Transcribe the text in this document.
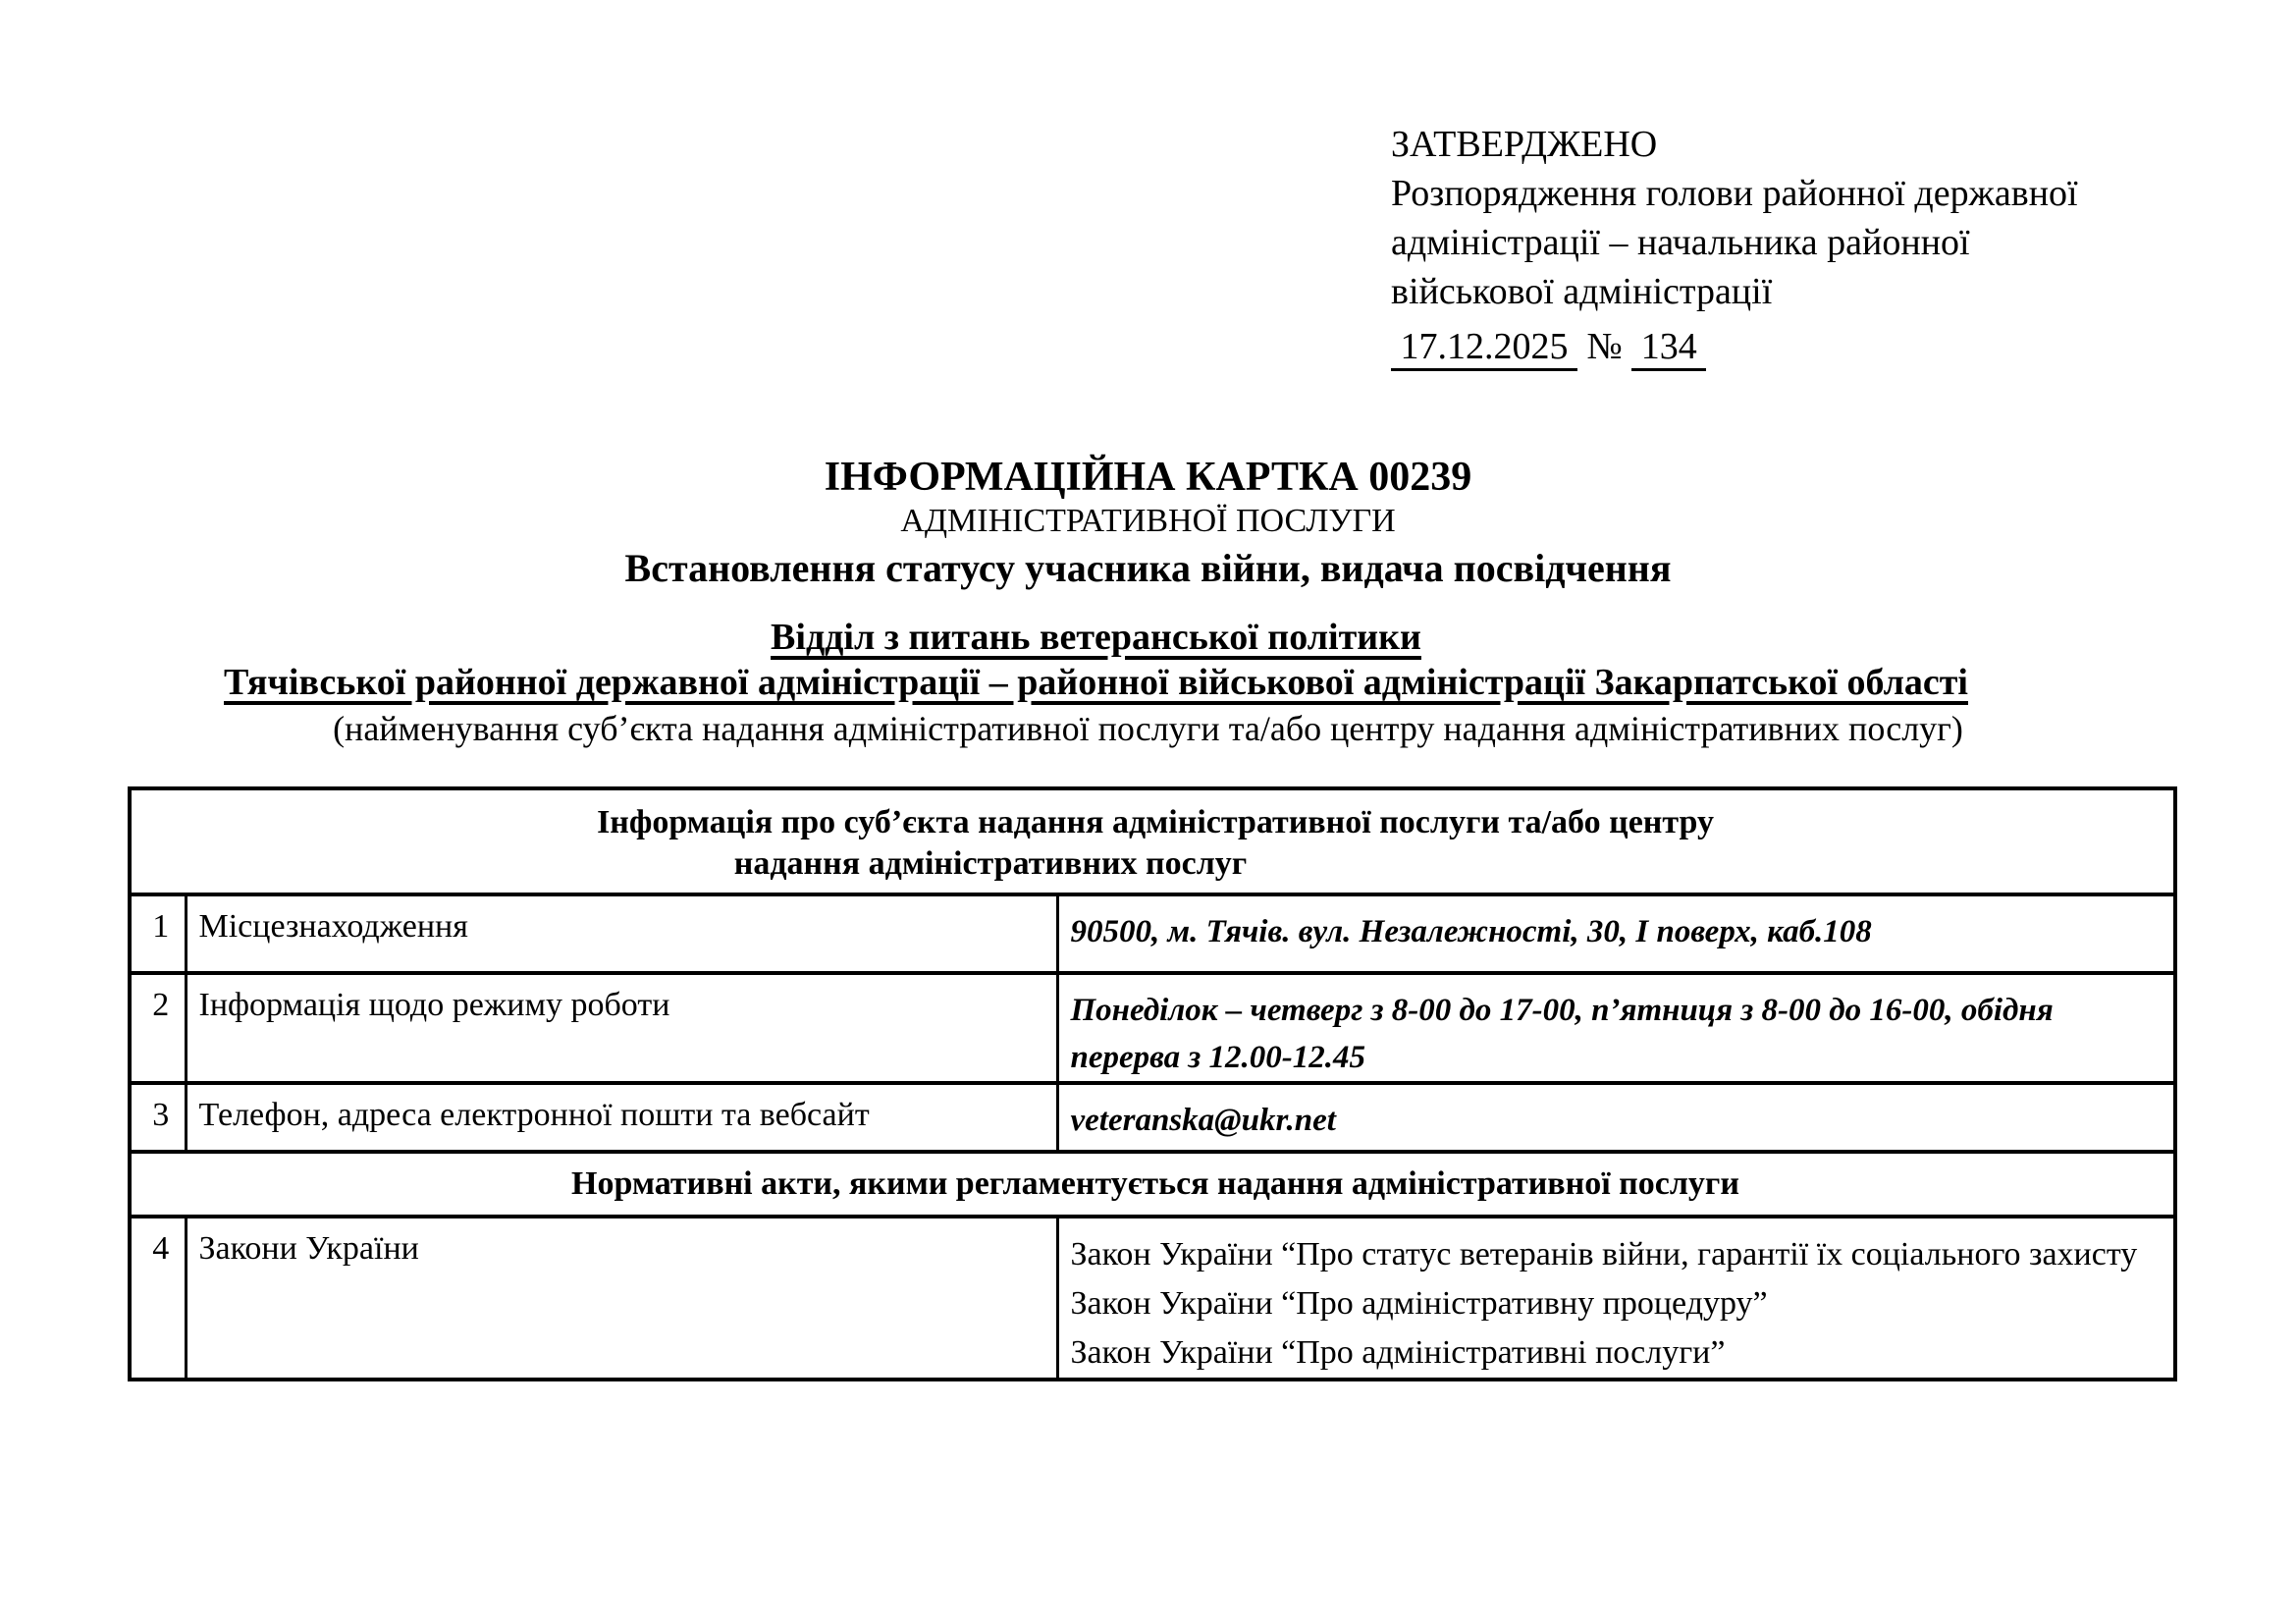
ЗАТВЕРДЖЕНО
Розпорядження голови районної державної
адміністрації – начальника районної
військової адміністрації
17.12.2025  №  134
ІНФОРМАЦІЙНА КАРТКА 00239
АДМІНІСТРАТИВНОЇ ПОСЛУГИ
Встановлення статусу учасника війни, видача посвідчення
Відділ з питань ветеранської політики
Тячівської районної державної адміністрації – районної військової адміністрації Закарпатської області
(найменування суб’єкта надання адміністративної послуги та/або центру надання адміністративних послуг)
Інформація про суб’єкта надання адміністративної послуги та/або центру
надання адміністративних послуг		

1	Місцезнаходження	90500, м. Тячів. вул. Незалежності, 30, І поверх, каб.108
2	Інформація щодо режиму роботи	Понеділок – четверг з 8-00 до 17-00, п’ятниця з 8-00 до 16-00, обідня перерва з 12.00-12.45
3	Телефон, адреса електронної пошти та вебсайт	veteranska@ukr.net
Нормативні акти, якими регламентується надання адміністративної послуги		
4	Закони України	Закон України “Про статус ветеранів війни, гарантії їх соціального захисту
Закон України “Про адміністративну процедуру”
Закон України “Про адміністративні послуги”
